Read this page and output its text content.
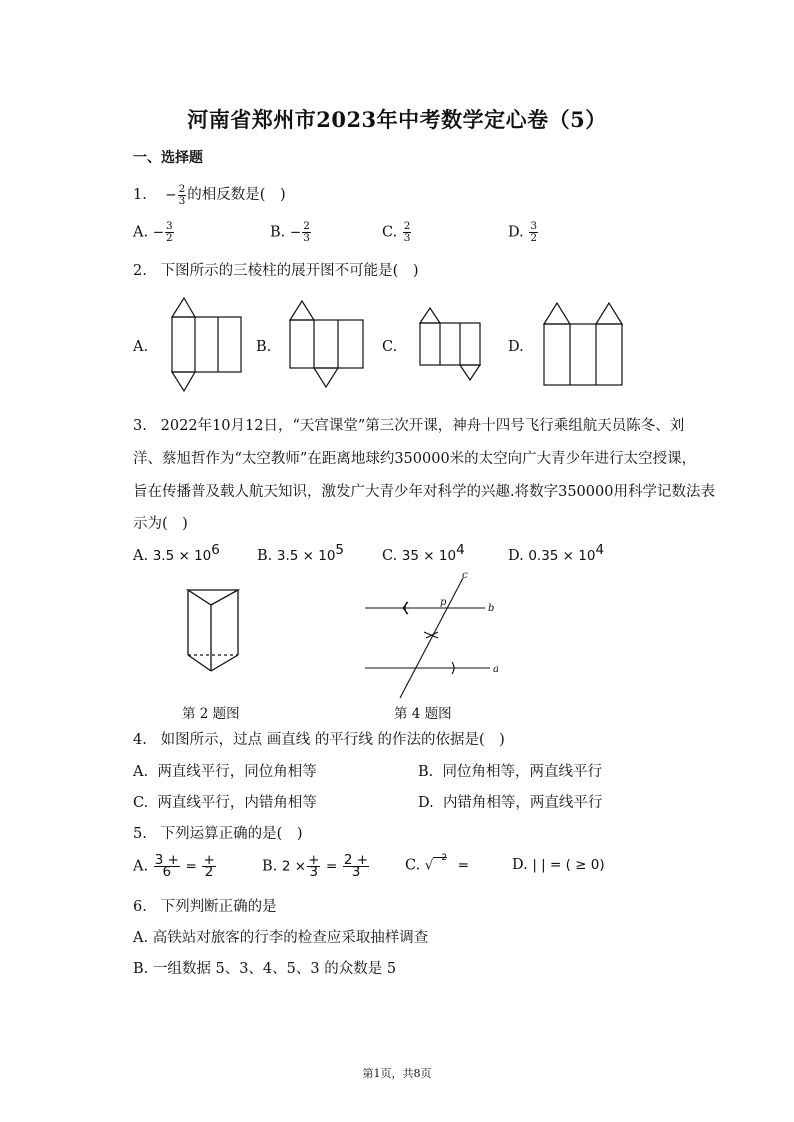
河南省郑州市2023年中考数学定心卷（5）
一、选择题
1. − $\frac{2}{3}$ 的相反数是(　)
A. − $\frac{3}{2}$	B. − $\frac{2}{3}$	C. $\frac{2}{3}$	D. $\frac{3}{2}$
2. 下图所示的三棱柱的展开图不可能是(　)
A.	B.	C.	D.
3. 2022年10月12日，“天宫课堂”第三次开课，神舟十四号飞行乘组航天员陈冬、刘
洋、蔡旭哲作为“太空教师”在距离地球约350000米的太空向广大青少年进行太空授课，
旨在传播普及载人航天知识，激发广大青少年对科学的兴趣.将数字350000用科学记数法表
示为(　)
A. $3.5 \times 10^6$	B. $3.5 \times 10^5$	C. $35 \times 10^4$	D. $0.35 \times 10^4$
第 2 题图
c
p
b
a
第 4 题图
4. 如图所示，过点 画直线 的平行线 的作法的依据是(　)
A. 两直线平行，同位角相等	B. 同位角相等，两直线平行
C. 两直线平行，内错角相等	D. 内错角相等，两直线平行
5. 下列运算正确的是(　)
A. $\frac{3 +}{6} = \frac{+}{2}$	B. $2 \times \frac{+}{3} = \frac{2 +}{3} C$. √ $^2$ =	D. | | = ( ≥ 0)
6. 下列判断正确的是
A. 高铁站对旅客的行李的检查应采取抽样调查
B. 一组数据 5、3、4、5、3 的众数是 5
第1页，共8页
